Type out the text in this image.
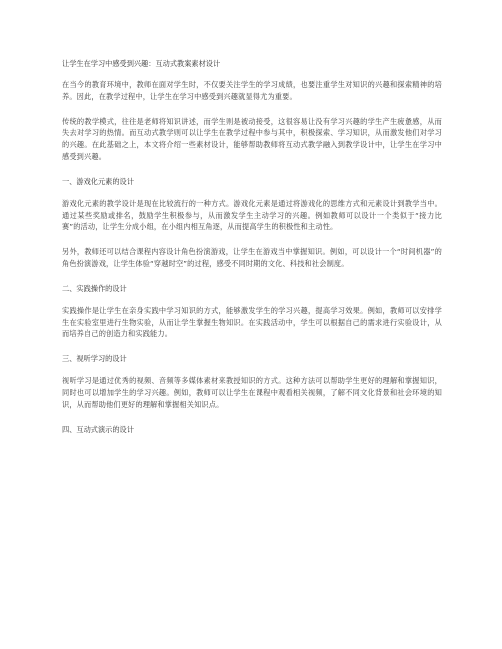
让学生在学习中感受到兴趣：互动式教案素材设计

在当今的教育环境中，教师在面对学生时，不仅要关注学生的学习成绩，也要注重学生对知识的兴趣和探索精神的培养。因此，在教学过程中，让学生在学习中感受到兴趣就显得尤为重要。

传统的教学模式，往往是老师将知识讲述，而学生则是被动接受，这很容易让没有学习兴趣的学生产生疲惫感，从而失去对学习的热情。而互动式教学则可以让学生在教学过程中参与其中，积极探索、学习知识，从而激发他们对学习的兴趣。在此基础之上，本文将介绍一些素材设计，能够帮助教师将互动式教学融入到教学设计中，让学生在学习中感受到兴趣。

一、游戏化元素的设计

游戏化元素的教学设计是现在比较流行的一种方式。游戏化元素是通过将游戏化的思维方式和元素设计到教学当中。通过某些奖励或排名，鼓励学生积极参与，从而激发学生主动学习的兴趣。例如教师可以设计一个类似于“接力比赛”的活动，让学生分成小组，在小组内相互角逐，从而提高学生的积极性和主动性。

另外，教师还可以结合课程内容设计角色扮演游戏，让学生在游戏当中掌握知识。例如，可以设计一个“时间机器”的角色扮演游戏，让学生体验“穿越时空”的过程，感受不同时期的文化、科技和社会制度。

二、实践操作的设计

实践操作是让学生在亲身实践中学习知识的方式，能够激发学生的学习兴趣，提高学习效果。例如，教师可以安排学生在实验室里进行生物实验，从而让学生掌握生物知识。在实践活动中，学生可以根据自己的需求进行实验设计，从而培养自己的创造力和实践能力。

三、视听学习的设计

视听学习是通过优秀的视频、音频等多媒体素材来教授知识的方式。这种方法可以帮助学生更好的理解和掌握知识，同时也可以增加学生的学习兴趣。例如，教师可以让学生在课程中观看相关视频，了解不同文化背景和社会环境的知识，从而帮助他们更好的理解和掌握相关知识点。

四、互动式演示的设计
